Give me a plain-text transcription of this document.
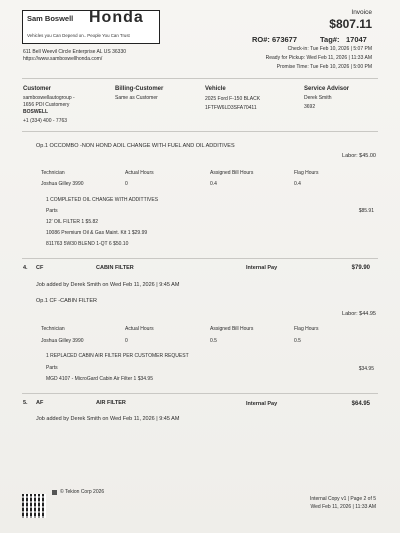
Sam Boswell Honda
Vehicles you Can Depend on.. People You Can Trust
611 Bell Weevil Circle Enterprise AL US 36330
https://www.samboswellhonda.com/
Invoice
$807.11
RO#: 673677	Tag#: 17047
Check-in: Tue Feb 10, 2026 | 5:07 PM
Ready for Pickup: Wed Feb 11, 2026 | 11:33 AM
Promise Time: Tue Feb 10, 2026 | 5:00 PM
Customer
samboswellautogroup -
1656 PDI Customery
BOSWELL
+1 (334) 400 - 7763
Billing-Customer
Same as Customer
Vehicle
2025 Ford F-150 BLACK
1FTFW6LD3SFA70411
Service Advisor
Derek Smith
3692
Op.1 OCCOMBO -NON HOND AOIL CHANGE WITH FUEL AND OIL ADDITIVES
Labor: $45.00
Technician	Actual Hours	Assigned Bill Hours	Flag Hours
Joshua Gilley 3990	0	0.4	0.4
1 COMPLETED OIL CHANGE WITH ADDITTIVES
Parts	$85.91
12’ OIL FILTER 1 $5.82
10086 Premium Oil & Gas Maint. Kit 1 $29.99
811763 5W30 BLEND 1-QT 6 $50.10
4. CF	CABIN FILTER	Internal Pay	$79.90
Job added by Derek Smith on Wed Feb 11, 2026 | 9:45 AM
Op.1 CF -CABIN FILTER
Labor: $44.95
Technician	Actual Hours	Assigned Bill Hours	Flag Hours
Joshua Gilley 3990	0	0.5	0.5
1 REPLACED CABIN AIR FILTER PER CUSTOMER REQUEST
Parts	$34.95
MGD 4107 - MicroGard Cabin Air Filter 1 $34.95
5. AF	AIR FILTER	Internal Pay	$64.95
Job added by Derek Smith on Wed Feb 11, 2026 | 9:45 AM
© Tekion Corp 2026
Internal Copy v1 | Page 2 of 5
Wed Feb 11, 2026 | 11:33 AM
